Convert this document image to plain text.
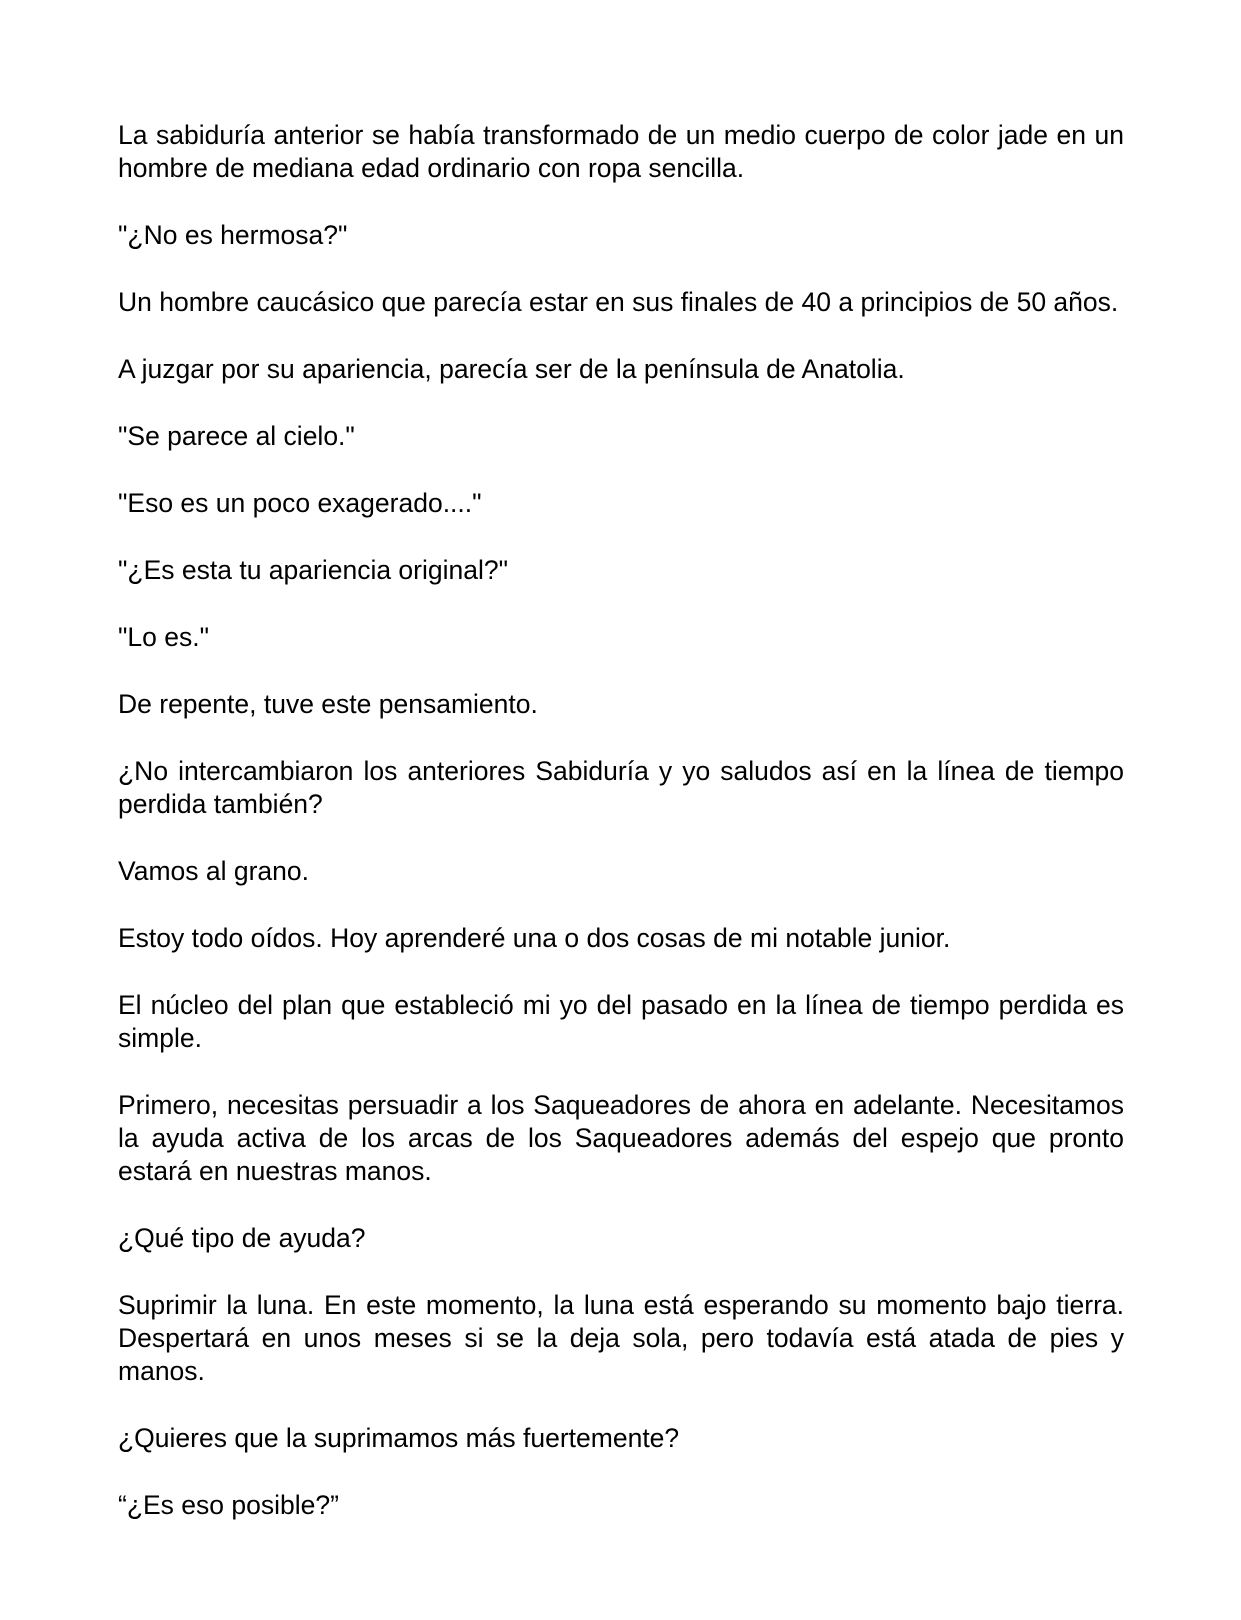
La sabiduría anterior se había transformado de un medio cuerpo de color jade en un hombre de mediana edad ordinario con ropa sencilla.

"¿No es hermosa?"

Un hombre caucásico que parecía estar en sus finales de 40 a principios de 50 años.

A juzgar por su apariencia, parecía ser de la península de Anatolia.

"Se parece al cielo."

"Eso es un poco exagerado...."

"¿Es esta tu apariencia original?"

"Lo es."

De repente, tuve este pensamiento.

¿No intercambiaron los anteriores Sabiduría y yo saludos así en la línea de tiempo perdida también?

Vamos al grano.

Estoy todo oídos. Hoy aprenderé una o dos cosas de mi notable junior.

El núcleo del plan que estableció mi yo del pasado en la línea de tiempo perdida es simple.

Primero, necesitas persuadir a los Saqueadores de ahora en adelante. Necesitamos la ayuda activa de los arcas de los Saqueadores además del espejo que pronto estará en nuestras manos.

¿Qué tipo de ayuda?

Suprimir la luna. En este momento, la luna está esperando su momento bajo tierra. Despertará en unos meses si se la deja sola, pero todavía está atada de pies y manos.

¿Quieres que la suprimamos más fuertemente?

“¿Es eso posible?”
